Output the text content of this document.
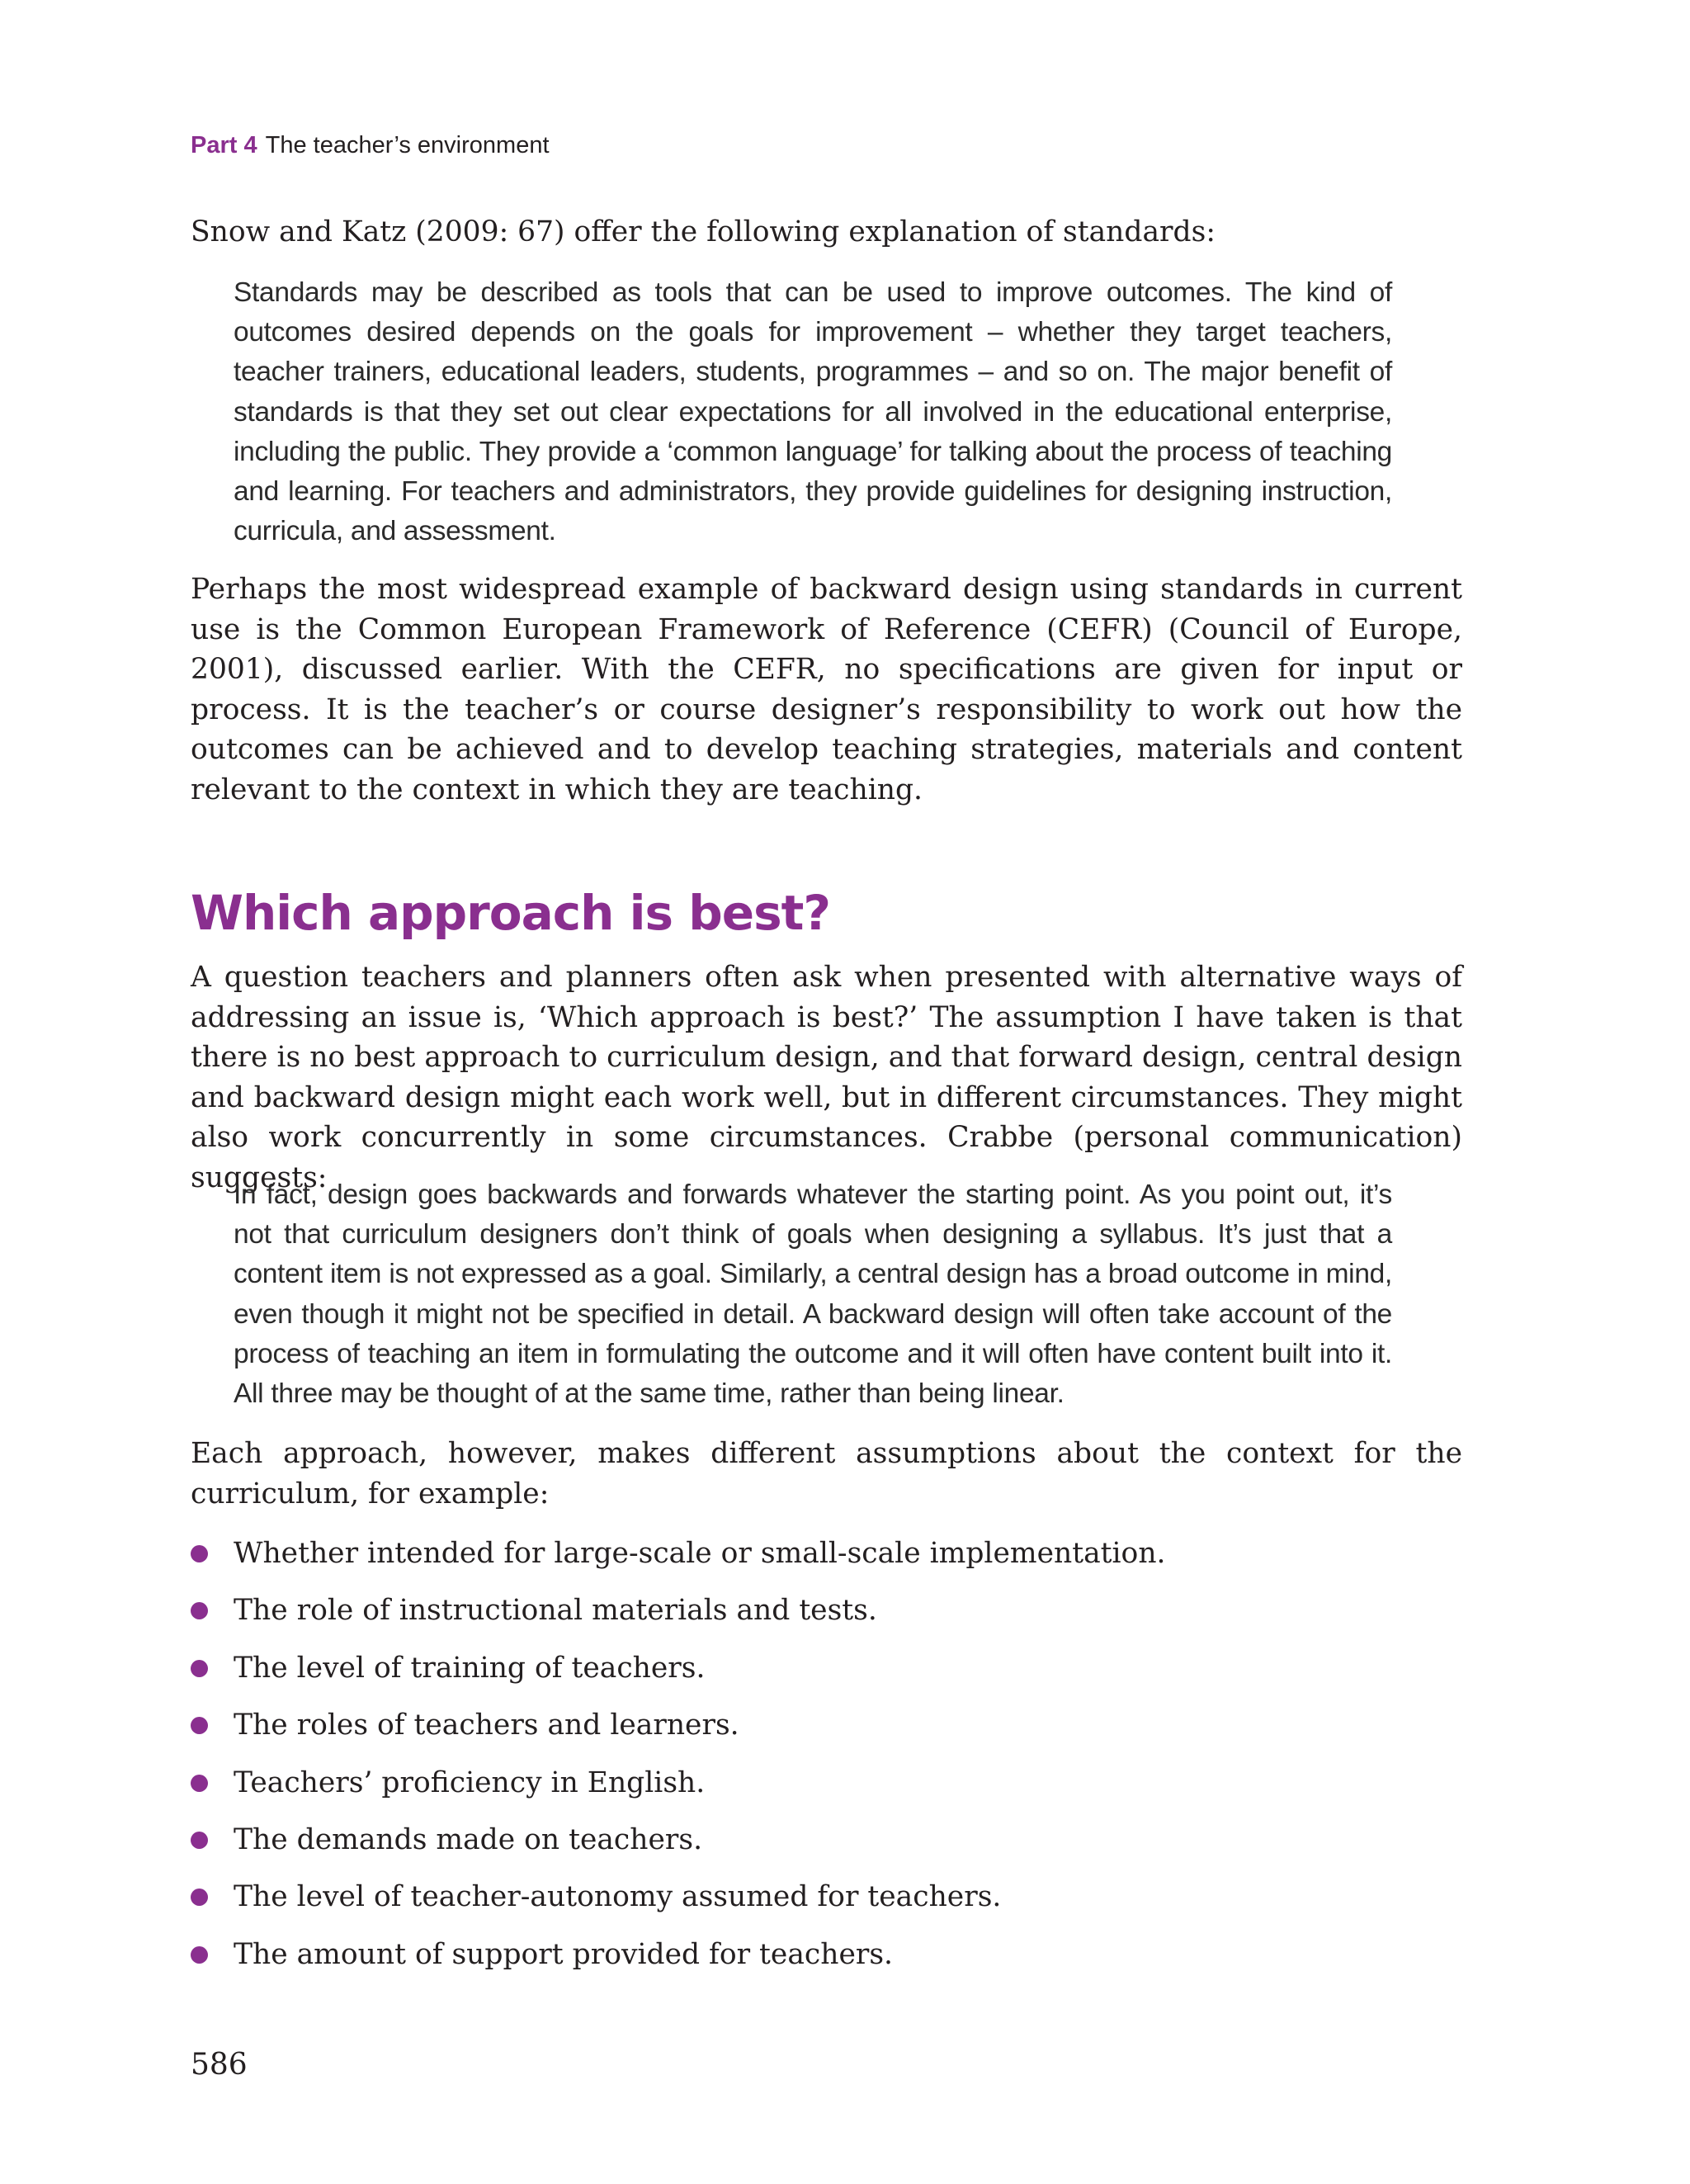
Part 4 The teacher’s environment

Snow and Katz (2009: 67) offer the following explanation of standards:

Standards may be described as tools that can be used to improve outcomes. The kind of outcomes desired depends on the goals for improvement – whether they target teachers, teacher trainers, educational leaders, students, programmes – and so on. The major benefit of standards is that they set out clear expectations for all involved in the educational enterprise, including the public. They provide a ‘common language’ for talking about the process of teaching and learning. For teachers and administrators, they provide guidelines for designing instruction, curricula, and assessment.

Perhaps the most widespread example of backward design using standards in current use is the Common European Framework of Reference (CEFR) (Council of Europe, 2001), discussed earlier. With the CEFR, no specifications are given for input or process. It is the teacher’s or course designer’s responsibility to work out how the outcomes can be achieved and to develop teaching strategies, materials and content relevant to the context in which they are teaching.

Which approach is best?

A question teachers and planners often ask when presented with alternative ways of addressing an issue is, ‘Which approach is best?’ The assumption I have taken is that there is no best approach to curriculum design, and that forward design, central design and backward design might each work well, but in different circumstances. They might also work concurrently in some circumstances. Crabbe (personal communication) suggests:

In fact, design goes backwards and forwards whatever the starting point. As you point out, it’s not that curriculum designers don’t think of goals when designing a syllabus. It’s just that a content item is not expressed as a goal. Similarly, a central design has a broad outcome in mind, even though it might not be specified in detail. A backward design will often take account of the process of teaching an item in formulating the outcome and it will often have content built into it. All three may be thought of at the same time, rather than being linear.

Each approach, however, makes different assumptions about the context for the curriculum, for example:

Whether intended for large-scale or small-scale implementation.
The role of instructional materials and tests.
The level of training of teachers.
The roles of teachers and learners.
Teachers’ proficiency in English.
The demands made on teachers.
The level of teacher-autonomy assumed for teachers.
The amount of support provided for teachers.
586
